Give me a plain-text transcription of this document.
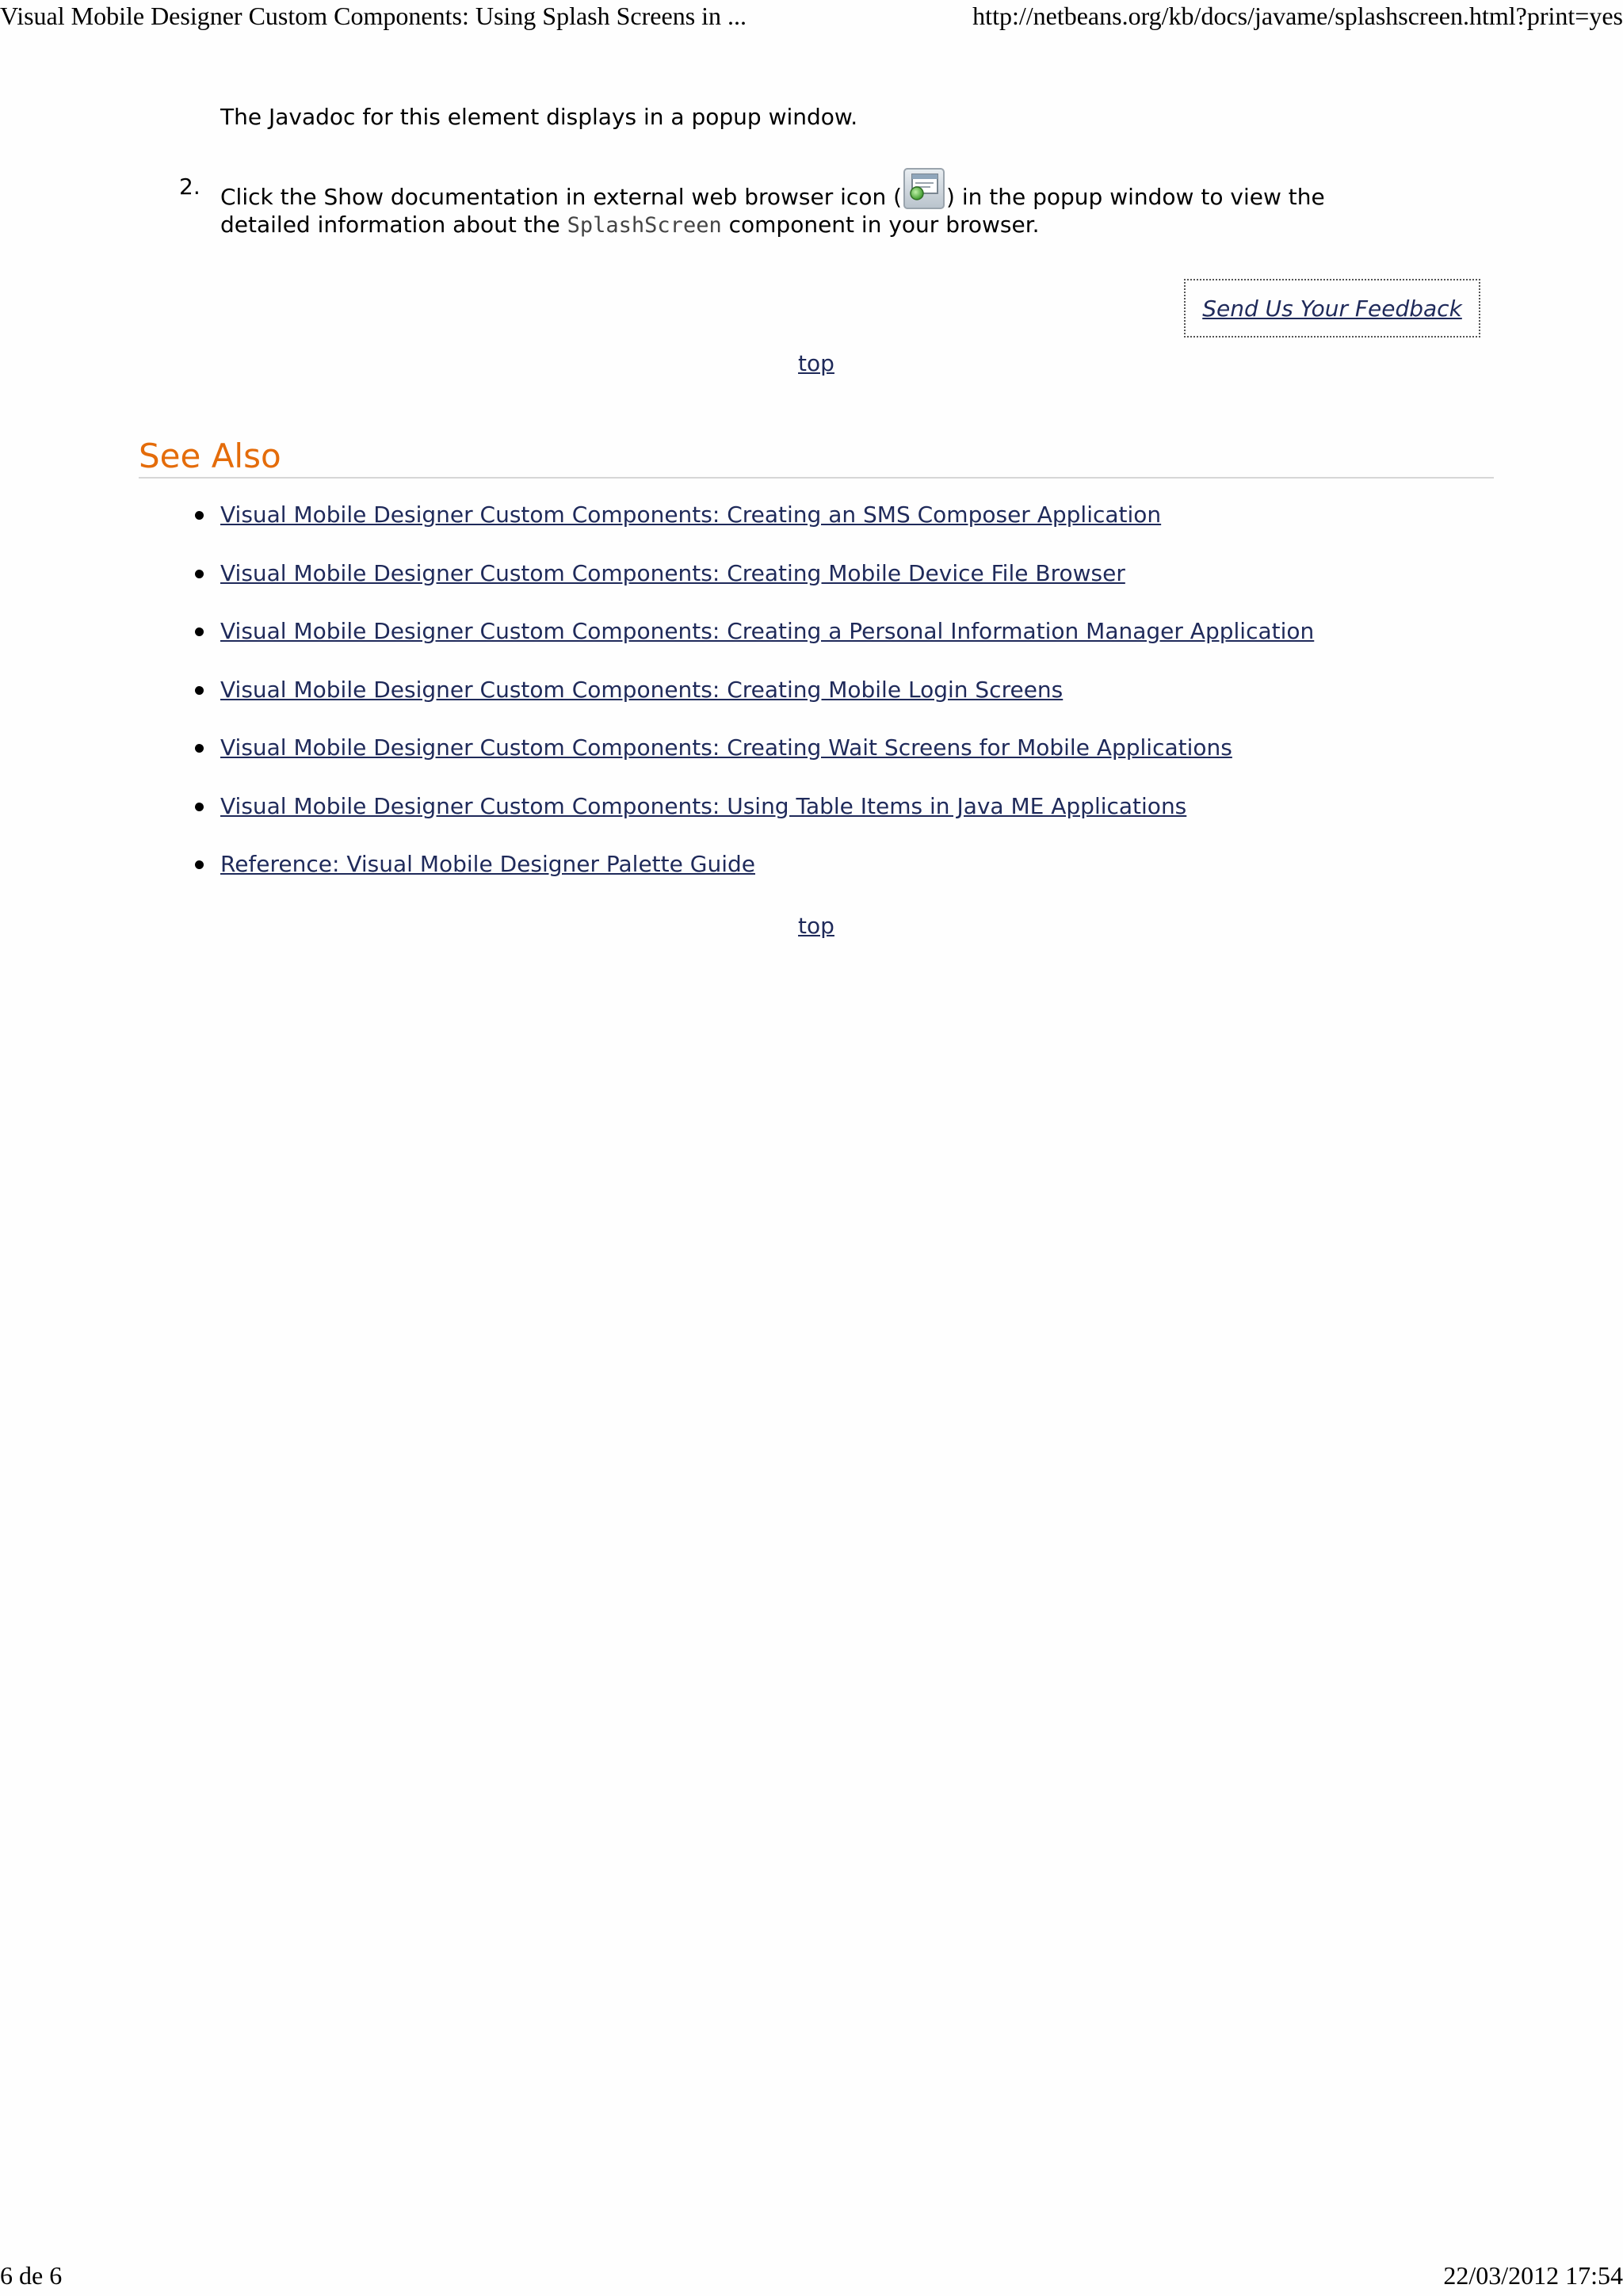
Visual Mobile Designer Custom Components: Using Splash Screens in ...	http://netbeans.org/kb/docs/javame/splashscreen.html?print=yes
The Javadoc for this element displays in a popup window.
2. Click the Show documentation in external web browser icon ( ) in the popup window to view the
detailed information about the SplashScreen component in your browser.
Send Us Your Feedback
top
See Also
Visual Mobile Designer Custom Components: Creating an SMS Composer Application
Visual Mobile Designer Custom Components: Creating Mobile Device File Browser
Visual Mobile Designer Custom Components: Creating a Personal Information Manager Application
Visual Mobile Designer Custom Components: Creating Mobile Login Screens
Visual Mobile Designer Custom Components: Creating Wait Screens for Mobile Applications
Visual Mobile Designer Custom Components: Using Table Items in Java ME Applications
Reference: Visual Mobile Designer Palette Guide
top
6 de 6	22/03/2012 17:54
